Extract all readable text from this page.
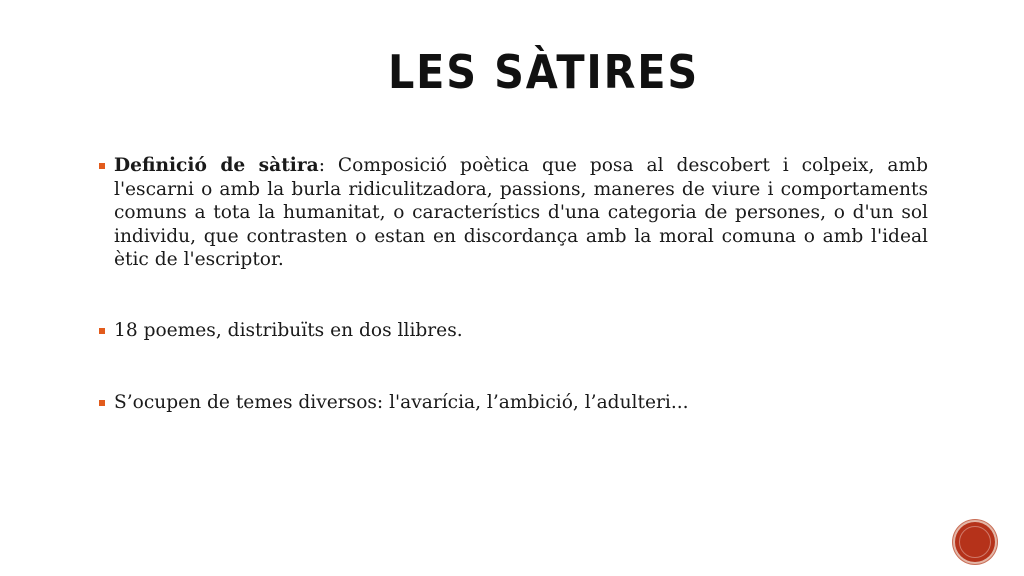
LES SÀTIRES
Definició de sàtira: Composició poètica que posa al descobert i colpeix, amb l'escarni o amb la burla ridiculitzadora, passions, maneres de viure i comportaments comuns a tota la humanitat, o característics d'una categoria de persones, o d'un sol individu, que contrasten o estan en discordança amb la moral comuna o amb l'ideal ètic de l'escriptor.
18 poemes, distribuïts en dos llibres.
S’ocupen de temes diversos: l'avarícia, l’ambició, l’adulteri...
